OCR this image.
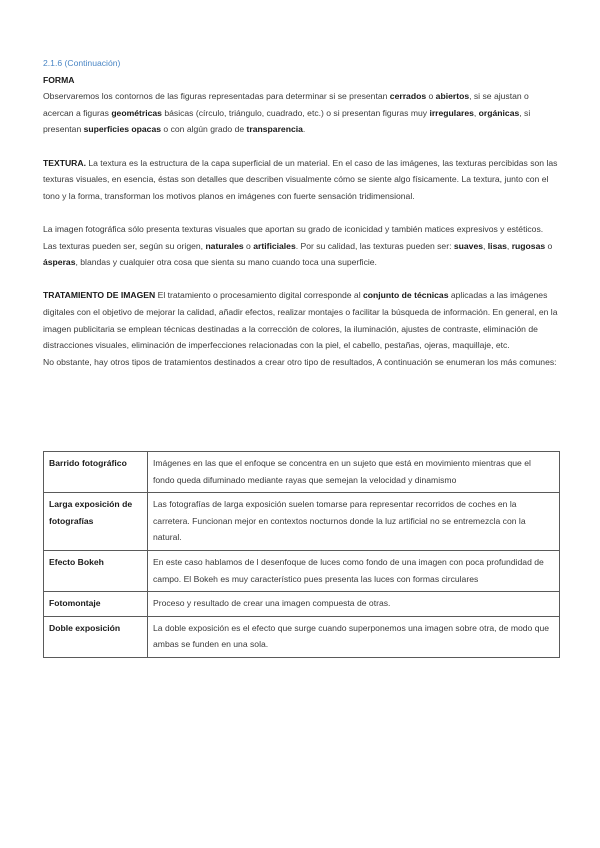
2.1.6 (Continuación)

FORMA

Observaremos los contornos de las figuras representadas para determinar si se presentan cerrados o abiertos, si se ajustan o acercan a figuras geométricas básicas (círculo, triángulo, cuadrado, etc.) o si presentan figuras muy irregulares, orgánicas, si presentan superficies opacas o con algún grado de transparencia.

TEXTURA. La textura es la estructura de la capa superficial de un material. En el caso de las imágenes, las texturas percibidas son las texturas visuales, en esencia, éstas son detalles que describen visualmente cómo se siente algo físicamente. La textura, junto con el tono y la forma, transforman los motivos planos en imágenes con fuerte sensación tridimensional.

La imagen fotográfica sólo presenta texturas visuales que aportan su grado de iconicidad y también matices expresivos y estéticos. Las texturas pueden ser, según su origen, naturales o artificiales. Por su calidad, las texturas pueden ser: suaves, lisas, rugosas o ásperas, blandas y cualquier otra cosa que sienta su mano cuando toca una superficie.

TRATAMIENTO DE IMAGEN El tratamiento o procesamiento digital corresponde al conjunto de técnicas aplicadas a las imágenes digitales con el objetivo de mejorar la calidad, añadir efectos, realizar montajes o facilitar la búsqueda de información. En general, en la imagen publicitaria se emplean técnicas destinadas a la corrección de colores, la iluminación, ajustes de contraste, eliminación de distracciones visuales, eliminación de imperfecciones relacionadas con la piel, el cabello, pestañas, ojeras, maquillaje, etc.

No obstante, hay otros tipos de tratamientos destinados a crear otro tipo de resultados, A continuación se enumeran los más comunes:

Barrido fotográfico	Imágenes en las que el enfoque se concentra en un sujeto que está en movimiento mientras que el fondo queda difuminado mediante rayas que semejan la velocidad y dinamismo
Larga exposición de fotografías	Las fotografías de larga exposición suelen tomarse para representar recorridos de coches en la carretera. Funcionan mejor en contextos nocturnos donde la luz artificial no se entremezcla con la natural.
Efecto Bokeh	En este caso hablamos de l desenfoque de luces como fondo de una imagen con poca profundidad de campo. El Bokeh es muy característico pues presenta las luces con formas circulares
Fotomontaje	Proceso y resultado de crear una imagen compuesta de otras.
Doble exposición	La doble exposición es el efecto que surge cuando superponemos una imagen sobre otra, de modo que ambas se funden en una sola.
